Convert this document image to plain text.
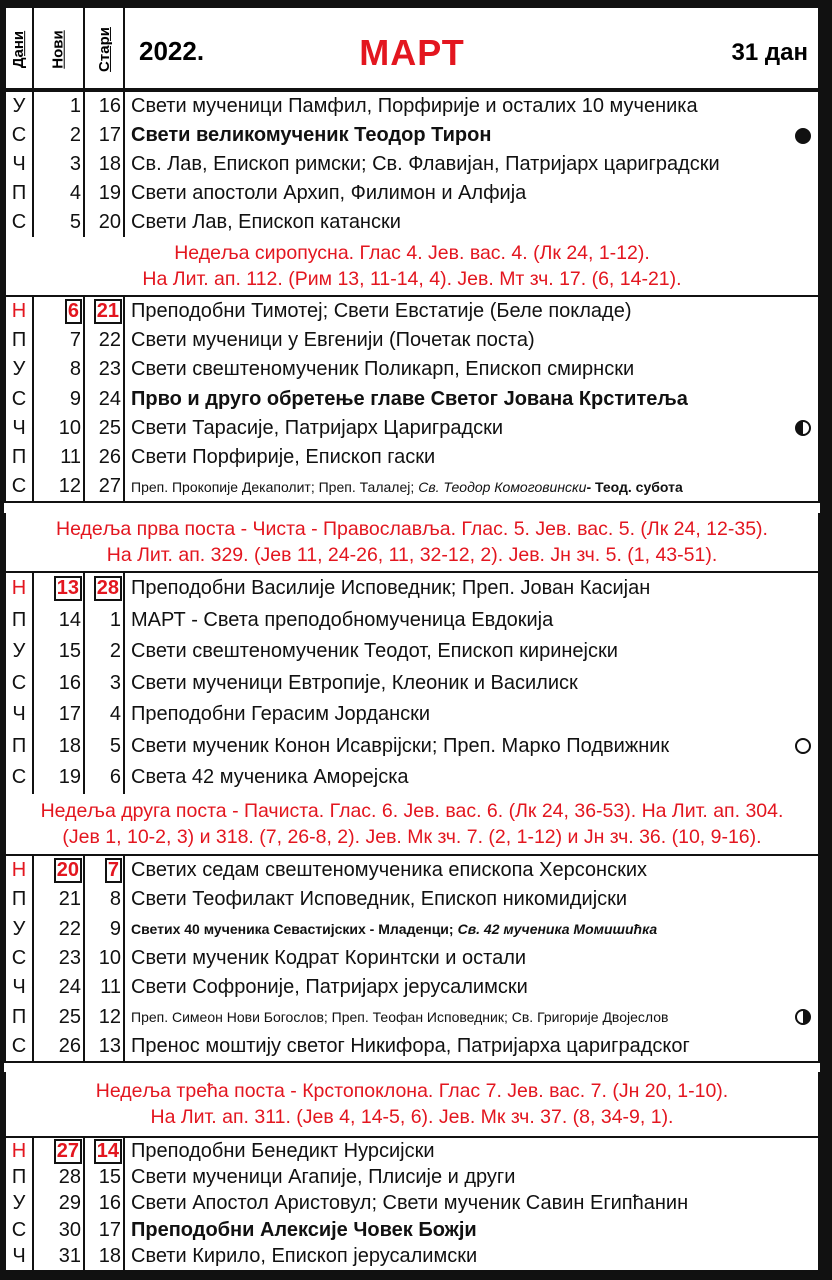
Дани Нови Стари 2022.	МАРТ	31 дан
У 1 16 Свети мученици Памфил, Порфирије и осталих 10 мученика
С 2 17 Свети великомученик Теодор Тирон
Ч 3 18 Св. Лав, Епископ римски; Св. Флавијан, Патријарх цариградски
П 4 19 Свети апостоли Архип, Филимон и Алфија
С 5 20 Свети Лав, Епископ катански
Недеља сиропусна. Глас 4. Јев. вас. 4. (Лк 24, 1-12).
На Лит. ап. 112. (Рим 13, 11-14, 4). Јев. Мт зч. 17. (6, 14-21).
Н 6 21 Преподобни Тимотеј; Свети Евстатије (Беле покладе)
П 7 22 Свети мученици у Евгенији (Почетак поста)
У 8 23 Свети свештеномученик Поликарп, Епископ смирнски
С 9 24 Прво и друго обретење главе Светог Јована Крститеља
Ч 10 25 Свети Тарасије, Патријарх Цариградски
П 11 26 Свети Порфирије, Епископ гаски
С 12 27 Преп. Прокопије Декаполит; Преп. Талалеј; Св. Теодор Комоговински - Теод. субота
Недеља прва поста - Чиста - Православља. Глас. 5. Јев. вас. 5. (Лк 24, 12-35).
На Лит. ап. 329. (Јев 11, 24-26, 11, 32-12, 2). Јев. Јн зч. 5. (1, 43-51).
Н 13 28 Преподобни Василије Исповедник; Преп. Јован Касијан
П 14 1 МАРТ - Света преподобномученица Евдокија
У 15 2 Свети свештеномученик Теодот, Епископ киринејски
С 16 3 Свети мученици Евтропије, Клеоник и Василиск
Ч 17 4 Преподобни Герасим Јордански
П 18 5 Свети мученик Конон Исаврijски; Преп. Марко Подвижник
С 19 6 Света 42 мученика Аморејска
Недеља друга поста - Пачиста. Глас. 6. Јев. вас. 6. (Лк 24, 36-53). На Лит. ап. 304.
(Јев 1, 10-2, 3) и 318. (7, 26-8, 2). Јев. Мк зч. 7. (2, 1-12) и Јн зч. 36. (10, 9-16).
Н 20 7 Светих седам свештеномученика епископа Херсонских
П 21 8 Свети Теофилакт Исповедник, Епископ никомидијски
У 22 9 Светих 40 мученика Севастијских - Младенци; Св. 42 мученика Момишићка
С 23 10 Свети мученик Кодрат Коринтски и остали
Ч 24 11 Свети Софроније, Патријарх јерусалимски
П 25 12 Преп. Симеон Нови Богослов; Преп. Теофан Исповедник; Св. Григорије Двојеслов
С 26 13 Пренос моштију светог Никифора, Патријарха цариградског
Недеља трећа поста - Крстопоклона. Глас 7. Јев. вас. 7. (Јн 20, 1-10).
На Лит. ап. 311. (Јев 4, 14-5, 6). Јев. Мк зч. 37. (8, 34-9, 1).
Н 27 14 Преподобни Бенедикт Нурсијски
П 28 15 Свети мученици Агапије, Плисије и други
У 29 16 Свети Апостол Аристовул; Свети мученик Савин Египћанин
С 30 17 Преподобни Алексије Човек Божји
Ч 31 18 Свети Кирило, Епископ јерусалимски
